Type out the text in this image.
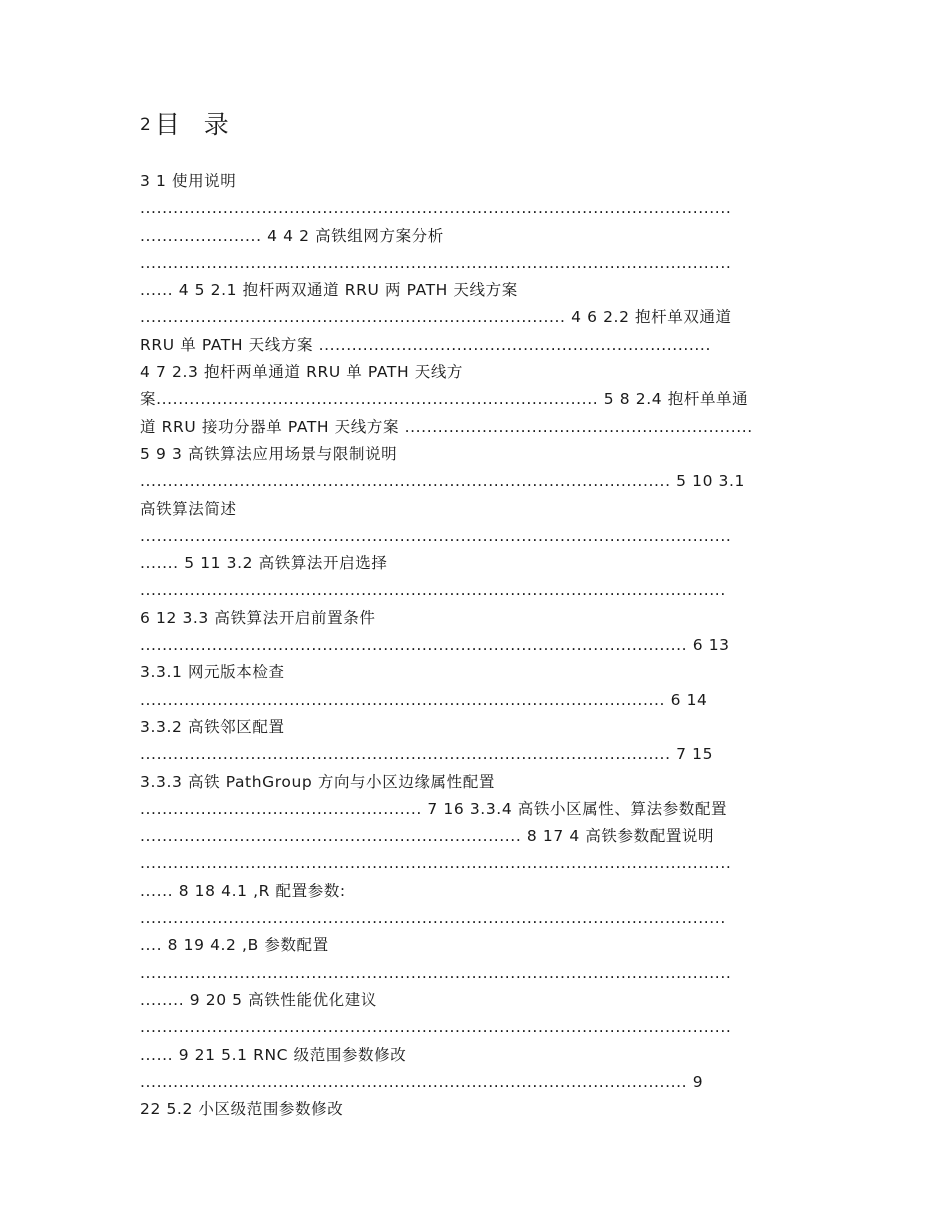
2 目 录
3 1 使用说明
...........................................................................................................
...................... 4 4 2 高铁组网方案分析
...........................................................................................................
...... 4 5 2.1 抱杆两双通道 RRU 两 PATH 天线方案
............................................................................. 4 6 2.2 抱杆单双通道
RRU 单 PATH 天线方案 .......................................................................
4 7 2.3 抱杆两单通道 RRU 单 PATH 天线方
案................................................................................ 5 8 2.4 抱杆单单通
道 RRU 接功分器单 PATH 天线方案 ...............................................................
5 9 3 高铁算法应用场景与限制说明
................................................................................................ 5 10 3.1
高铁算法简述
...........................................................................................................
....... 5 11 3.2 高铁算法开启选择
..........................................................................................................
6 12 3.3 高铁算法开启前置条件
................................................................................................... 6 13
3.3.1 网元版本检查
............................................................................................... 6 14
3.3.2 高铁邻区配置
................................................................................................ 7 15
3.3.3 高铁 PathGroup 方向与小区边缘属性配置
................................................... 7 16 3.3.4 高铁小区属性、算法参数配置
..................................................................... 8 17 4 高铁参数配置说明
...........................................................................................................
...... 8 18 4.1 ,R 配置参数:
..........................................................................................................
.... 8 19 4.2 ,B 参数配置
...........................................................................................................
........ 9 20 5 高铁性能优化建议
...........................................................................................................
...... 9 21 5.1 RNC 级范围参数修改
................................................................................................... 9
22 5.2 小区级范围参数修改
